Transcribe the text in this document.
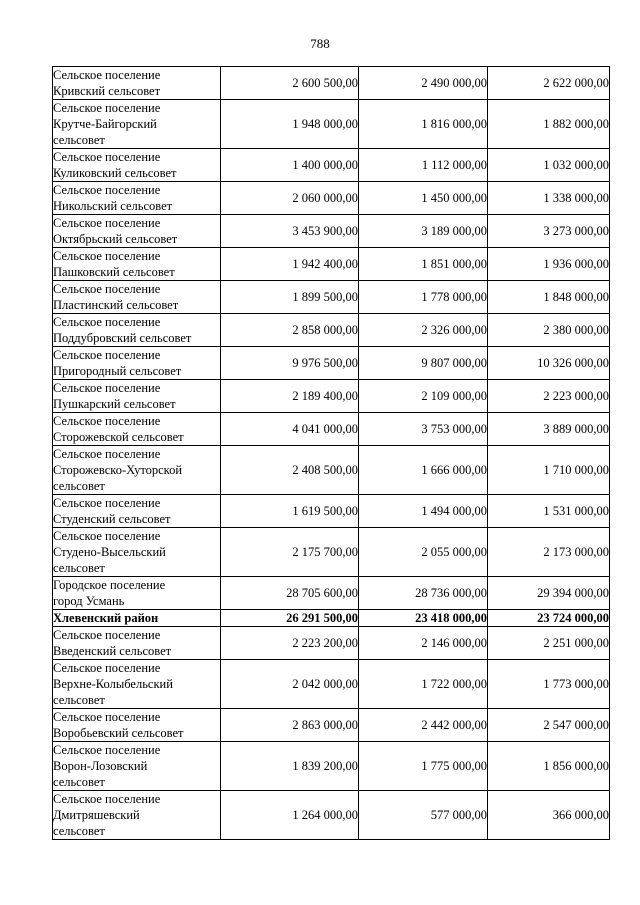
788
Сельское поселение
Кривский сельсовет	2 600 500,00	2 490 000,00	2 622 000,00

Сельское поселение
Крутче-Байгорский
сельсовет	1 948 000,00	1 816 000,00	1 882 000,00

Сельское поселение
Куликовский сельсовет	1 400 000,00	1 112 000,00	1 032 000,00

Сельское поселение
Никольский сельсовет	2 060 000,00	1 450 000,00	1 338 000,00

Сельское поселение
Октябрьский сельсовет	3 453 900,00	3 189 000,00	3 273 000,00

Сельское поселение
Пашковский сельсовет	1 942 400,00	1 851 000,00	1 936 000,00

Сельское поселение
Пластинский сельсовет	1 899 500,00	1 778 000,00	1 848 000,00

Сельское поселение
Поддубровский сельсовет	2 858 000,00	2 326 000,00	2 380 000,00

Сельское поселение
Пригородный сельсовет	9 976 500,00	9 807 000,00	10 326 000,00

Сельское поселение
Пушкарский сельсовет	2 189 400,00	2 109 000,00	2 223 000,00

Сельское поселение
Сторожевской сельсовет	4 041 000,00	3 753 000,00	3 889 000,00

Сельское поселение
Сторожевско-Хуторской
сельсовет	2 408 500,00	1 666 000,00	1 710 000,00

Сельское поселение
Студенский сельсовет	1 619 500,00	1 494 000,00	1 531 000,00

Сельское поселение
Студено-Высельский
сельсовет	2 175 700,00	2 055 000,00	2 173 000,00

Городское поселение
город Усмань	28 705 600,00	28 736 000,00	29 394 000,00

Хлевенский район	26 291 500,00	23 418 000,00	23 724 000,00

Сельское поселение
Введенский сельсовет	2 223 200,00	2 146 000,00	2 251 000,00

Сельское поселение
Верхне-Колыбельский
сельсовет	2 042 000,00	1 722 000,00	1 773 000,00

Сельское поселение
Воробьевский сельсовет	2 863 000,00	2 442 000,00	2 547 000,00

Сельское поселение
Ворон-Лозовский
сельсовет	1 839 200,00	1 775 000,00	1 856 000,00

Сельское поселение
Дмитряшевский
сельсовет	1 264 000,00	577 000,00	366 000,00
